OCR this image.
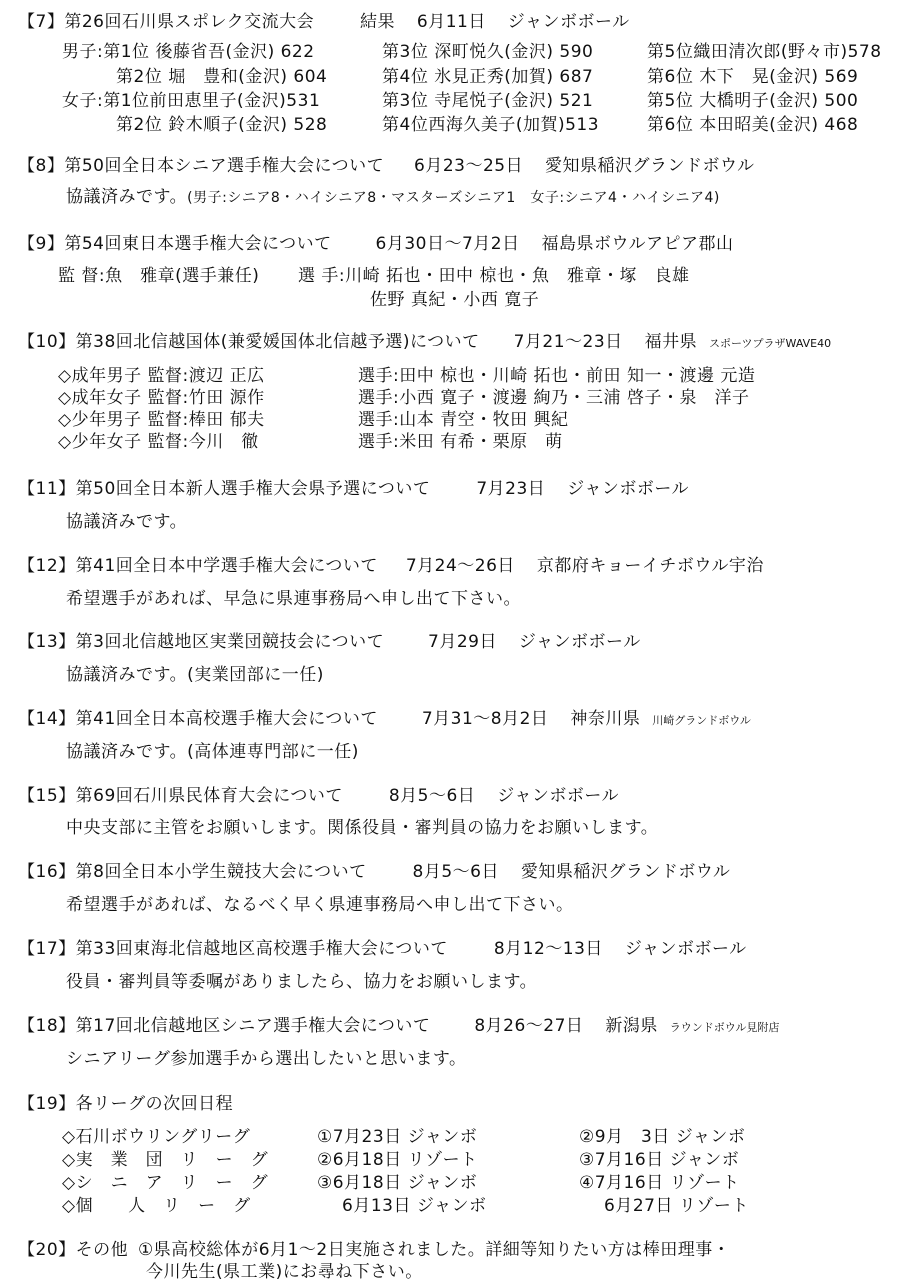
【7】第26回石川県スポレク交流大会	結果 6月11日 ジャンボボール
男子:第1位 後藤省吾(金沢) 622	第3位 深町悦久(金沢) 590	第5位織田清次郎(野々市)578
第2位 堀　豊和(金沢) 604	第4位 氷見正秀(加賀) 687	第6位 木下　晃(金沢) 569
女子:第1位前田恵里子(金沢)531	第3位 寺尾悦子(金沢) 521	第5位 大橋明子(金沢) 500
第2位 鈴木順子(金沢) 528	第4位西海久美子(加賀)513	第6位 本田昭美(金沢) 468
【8】第50回全日本シニア選手権大会について 6月23～25日 愛知県稲沢グランドボウル
協議済みです。(男子:シニア8・ハイシニア8・マスターズシニア1　女子:シニア4・ハイシニア4)
【9】第54回東日本選手権大会について	6月30日～7月2日 福島県ボウルアピア郡山
監 督:魚　雅章(選手兼任) 選 手:川崎 拓也・田中 椋也・魚　雅章・塚　良雄
佐野 真紀・小西 寛子
【10】第38回北信越国体(兼愛媛国体北信越予選)について 7月21～23日 福井県 スポーツプラザWAVE40
◇成年男子 監督:渡辺 正広	選手:田中 椋也・川崎 拓也・前田 知一・渡邊 元造
◇成年女子 監督:竹田 源作	選手:小西 寛子・渡邊 絢乃・三浦 啓子・泉　洋子
◇少年男子 監督:棒田 郁夫	選手:山本 青空・牧田 興紀
◇少年女子 監督:今川　徹	選手:米田 有希・栗原　萌
【11】第50回全日本新人選手権大会県予選について	7月23日 ジャンボボール
協議済みです。
【12】第41回全日本中学選手権大会について 7月24～26日 京都府キョーイチボウル宇治
希望選手があれば、早急に県連事務局へ申し出て下さい。
【13】第3回北信越地区実業団競技会について	7月29日 ジャンボボール
協議済みです。(実業団部に一任)
【14】第41回全日本高校選手権大会について	7月31～8月2日 神奈川県 川崎グランドボウル
協議済みです。(高体連専門部に一任)
【15】第69回石川県民体育大会について	8月5～6日 ジャンボボール
中央支部に主管をお願いします。関係役員・審判員の協力をお願いします。
【16】第8回全日本小学生競技大会について	8月5～6日 愛知県稲沢グランドボウル
希望選手があれば、なるべく早く県連事務局へ申し出て下さい。
【17】第33回東海北信越地区高校選手権大会について	8月12～13日 ジャンボボール
役員・審判員等委嘱がありましたら、協力をお願いします。
【18】第17回北信越地区シニア選手権大会について	8月26～27日 新潟県 ラウンドボウル見附店
シニアリーグ参加選手から選出したいと思います。
【19】各リーグの次回日程
◇石川ボウリングリーグ	①7月23日 ジャンボ	②9月　3日 ジャンボ
◇実　業　団　リ　ー　グ	②6月18日 リゾート	③7月16日 ジャンボ
◇シ　ニ　ア　リ　ー　グ	③6月18日 ジャンボ	④7月16日 リゾート
◇個　　人　リ　ー　グ	6月13日 ジャンボ	6月27日 リゾート
【20】その他 ①県高校総体が6月1～2日実施されました。詳細等知りたい方は棒田理事・
今川先生(県工業)にお尋ね下さい。
